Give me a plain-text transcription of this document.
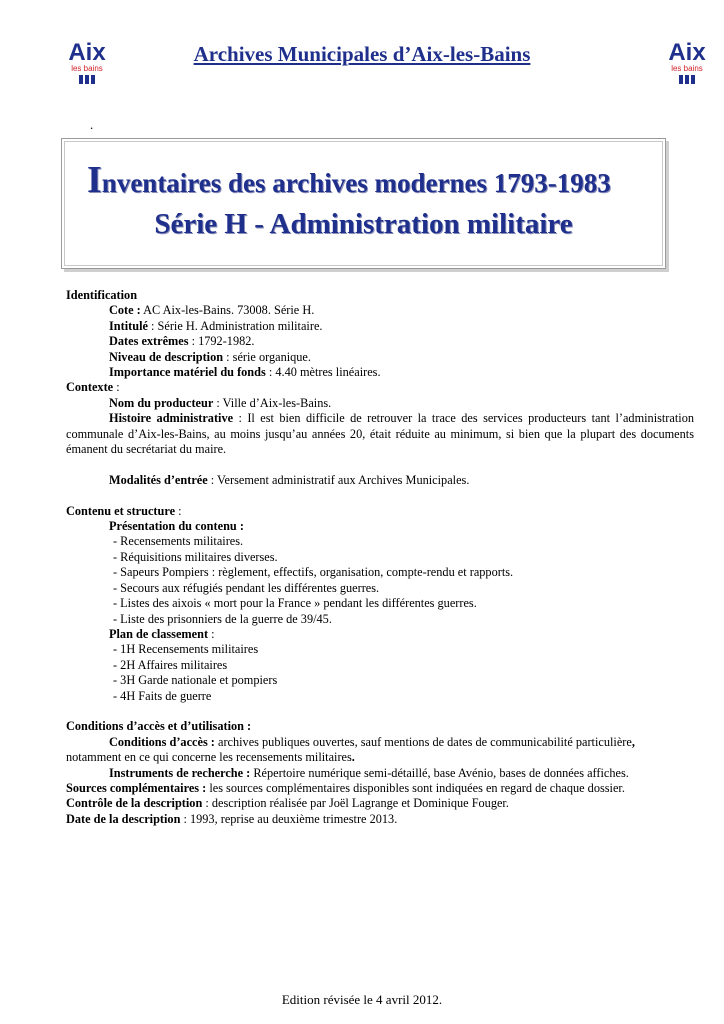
Aix
les bains
Aix
les bains
Archives Municipales d’Aix-les-Bains
.
Inventaires des archives modernes 1793-1983
Série H - Administration militaire

Identification

Cote : AC Aix-les-Bains. 73008. Série H.

Intitulé : Série H. Administration militaire.

Dates extrêmes : 1792-1982.

Niveau de description : série organique.

Importance matériel du fonds : 4.40 mètres linéaires.

Contexte :

Nom du producteur : Ville d’Aix-les-Bains.

Histoire administrative : Il est bien difficile de retrouver la trace des services producteurs tant l’administration communale d’Aix-les-Bains, au moins jusqu’au années 20, était réduite au minimum, si bien que la plupart des documents émanent du secrétariat du maire.

Modalités d’entrée : Versement administratif aux Archives Municipales.

Contenu et structure :

Présentation du contenu :

- Recensements militaires.

- Réquisitions militaires diverses.

- Sapeurs Pompiers : règlement, effectifs, organisation, compte-rendu et rapports.

- Secours aux réfugiés pendant les différentes guerres.

- Listes des aixois « mort pour la France » pendant les différentes guerres.

- Liste des prisonniers de la guerre de 39/45.

Plan de classement :

- 1H Recensements militaires

- 2H Affaires militaires

- 3H Garde nationale et pompiers

- 4H Faits de guerre

Conditions d’accès et d’utilisation :

Conditions d’accès : archives publiques ouvertes, sauf mentions de dates de communicabilité particulière,

notamment en ce qui concerne les recensements militaires.

Instruments de recherche : Répertoire numérique semi-détaillé, base Avénio, bases de données affiches.

Sources complémentaires : les sources complémentaires disponibles sont indiquées en regard de chaque dossier.

Contrôle de la description : description réalisée par Joël Lagrange et Dominique Fouger.

Date de la description : 1993, reprise au deuxième trimestre 2013.

Edition révisée le 4 avril 2012.
